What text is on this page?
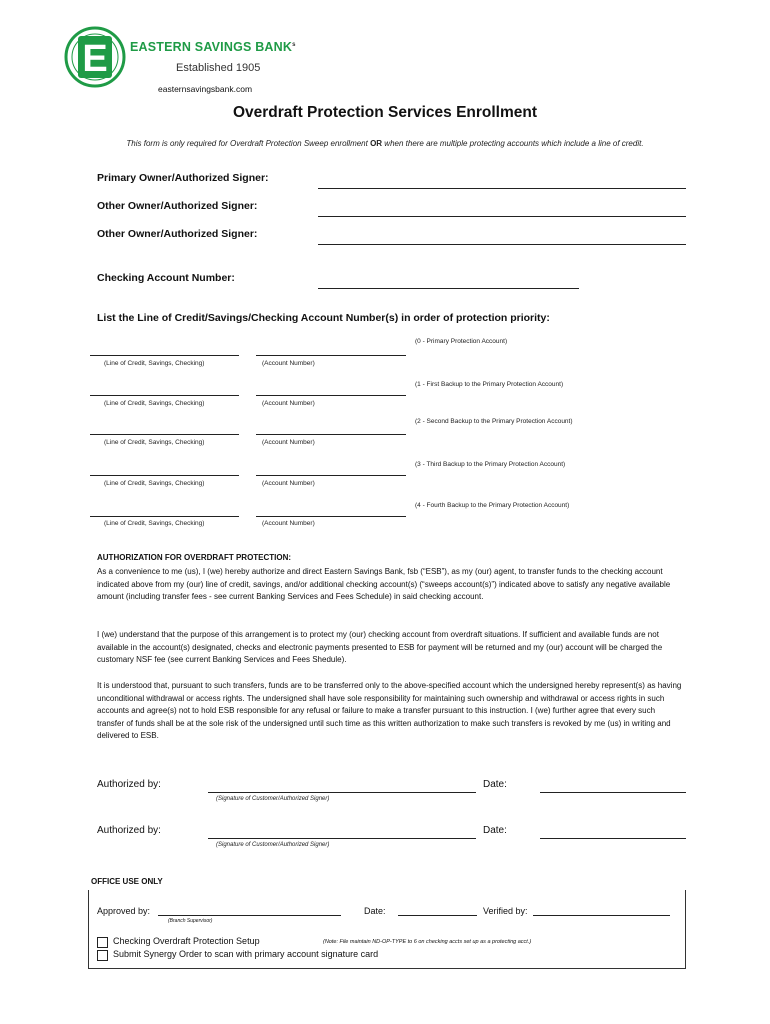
E EASTERN SAVINGS BANK$^s$
Established 1905
easternsavingsbank.com
Overdraft Protection Services Enrollment
This form is only required for Overdraft Protection Sweep enrollment OR when there are multiple protecting accounts which include a line of credit.
Primary Owner/Authorized Signer:
Other Owner/Authorized Signer:
Other Owner/Authorized Signer:
Checking Account Number:
List the Line of Credit/Savings/Checking Account Number(s) in order of protection priority:
(0 - Primary Protection Account)
(Line of Credit, Savings, Checking)	(Account Number)
(1 - First Backup to the Primary Protection Account)
(Line of Credit, Savings, Checking)	(Account Number)
(2 - Second Backup to the Primary Protection Account)
(Line of Credit, Savings, Checking)	(Account Number)
(3 - Third Backup to the Primary Protection Account)
(Line of Credit, Savings, Checking)	(Account Number)
(4 - Fourth Backup to the Primary Protection Account)
(Line of Credit, Savings, Checking)	(Account Number)
AUTHORIZATION FOR OVERDRAFT PROTECTION:
As a convenience to me (us), I (we) hereby authorize and direct Eastern Savings Bank, fsb (“ESB”), as my (our) agent, to transfer funds to the checking account indicated above from my (our) line of credit, savings, and/or additional checking account(s) (“sweeps account(s)”) indicated above to satisfy any negative available amount (including transfer fees - see current Banking Services and Fees Schedule) in said checking account.
I (we) understand that the purpose of this arrangement is to protect my (our) checking account from overdraft situations. If sufficient and available funds are not available in the account(s) designated, checks and electronic payments presented to ESB for payment will be returned and my (our) account will be charged the customary NSF fee (see current Banking Services and Fees Shedule).
It is understood that, pursuant to such transfers, funds are to be transferred only to the above-specified account which the undersigned hereby represent(s) as having unconditional withdrawal or access rights. The undersigned shall have sole responsibility for maintaining such ownership and withdrawal or access rights in such accounts and agree(s) not to hold ESB responsible for any refusal or failure to make a transfer pursuant to this instruction. I (we) further agree that every such transfer of funds shall be at the sole risk of the undersigned until such time as this written authorization to make such transfers is revoked by me (us) in writing and delivered to ESB.
Authorized by:
(Signature of Customer/Authorized Signer)
Date:
Authorized by:
(Signature of Customer/Authorized Signer)
Date:
OFFICE USE ONLY
Approved by:
(Branch Supervisor)
Date:	Verified by:
Checking Overdraft Protection Setup	(Note: File maintain ND-OP-TYPE to 6 on checking accts set up as a protecting acct.)
Submit Synergy Order to scan with primary account signature card
